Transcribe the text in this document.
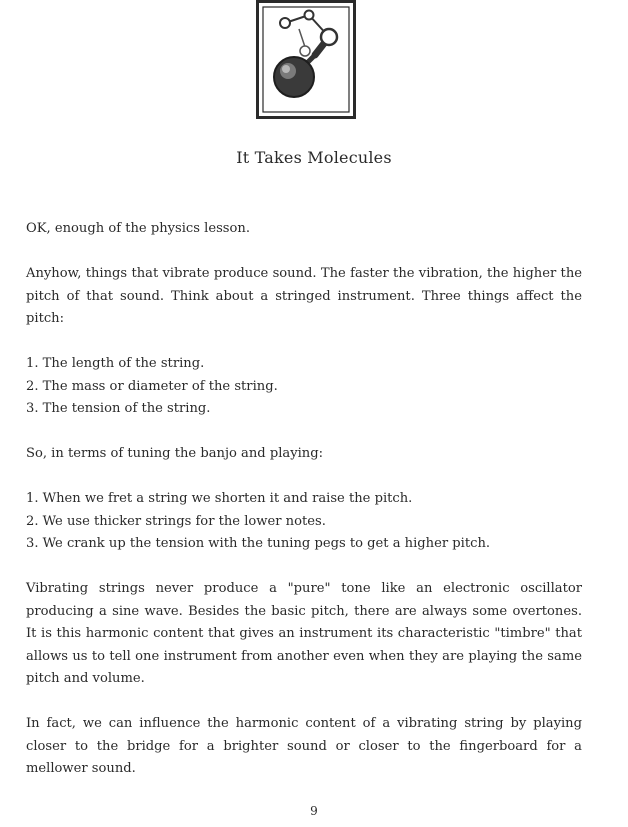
It Takes Molecules

OK, enough of the physics lesson.

Anyhow, things that vibrate produce sound. The faster the vibration, the higher the pitch of that sound. Think about a stringed instrument. Three things affect the pitch:

1. The length of the string.
2. The mass or diameter of the string.
3. The tension of the string.

So, in terms of tuning the banjo and playing:

1. When we fret a string we shorten it and raise the pitch.
2. We use thicker strings for the lower notes.
3. We crank up the tension with the tuning pegs to get a higher pitch.

Vibrating strings never produce a "pure" tone like an electronic oscillator producing a sine wave. Besides the basic pitch, there are always some overtones. It is this harmonic content that gives an instrument its characteristic "timbre" that allows us to tell one instrument from another even when they are playing the same pitch and volume.

In fact, we can influence the harmonic content of a vibrating string by playing closer to the bridge for a brighter sound or closer to the fingerboard for a mellower sound.

9
